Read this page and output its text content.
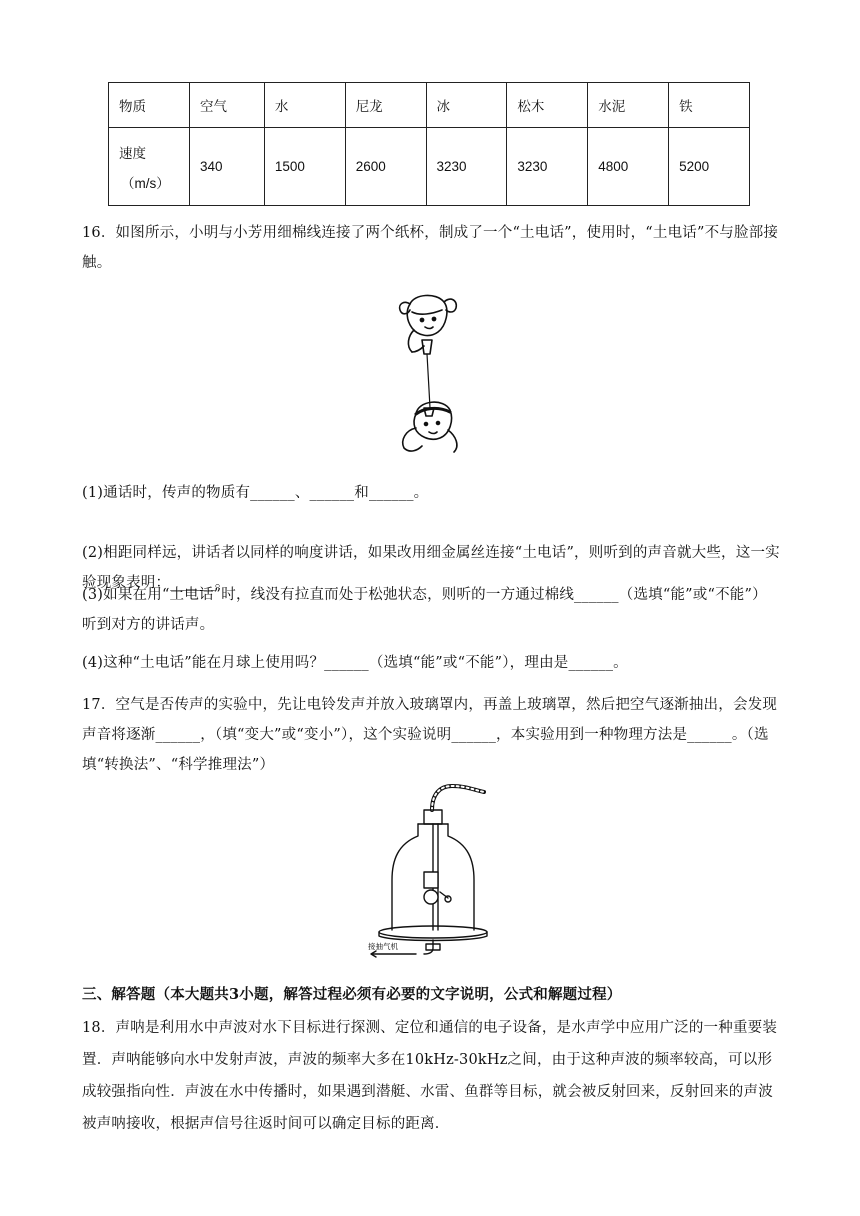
物质	空气	水	尼龙	冰	松木	水泥	铁
速度
（m/s）	340	1500	2600	3230	3230	4800	5200
16．如图所示，小明与小芳用细棉线连接了两个纸杯，制成了一个“土电话”，使用时，“土电话”不与脸部接触。
(1)通话时，传声的物质有______、______和______。
(2)相距同样远，讲话者以同样的响度讲话，如果改用细金属丝连接“土电话”，则听到的声音就大些，这一实验现象表明：______。
(3)如果在用“土电话”时，线没有拉直而处于松弛状态，则听的一方通过棉线______（选填“能”或“不能”）听到对方的讲话声。
(4)这种“土电话”能在月球上使用吗？______（选填“能”或“不能”），理由是______。
17．空气是否传声的实验中，先让电铃发声并放入玻璃罩内，再盖上玻璃罩，然后把空气逐渐抽出，会发现声音将逐渐______，（填“变大”或“变小”），这个实验说明______，本实验用到一种物理方法是______。（选填“转换法”、“科学推理法”）
接抽气机
三、解答题（本大题共3小题，解答过程必须有必要的文字说明，公式和解题过程）
18．声呐是利用水中声波对水下目标进行探测、定位和通信的电子设备，是水声学中应用广泛的一种重要装置．声呐能够向水中发射声波，声波的频率大多在10kHz-30kHz之间，由于这种声波的频率较高，可以形成较强指向性．声波在水中传播时，如果遇到潜艇、水雷、鱼群等目标，就会被反射回来，反射回来的声波被声呐接收，根据声信号往返时间可以确定目标的距离．
